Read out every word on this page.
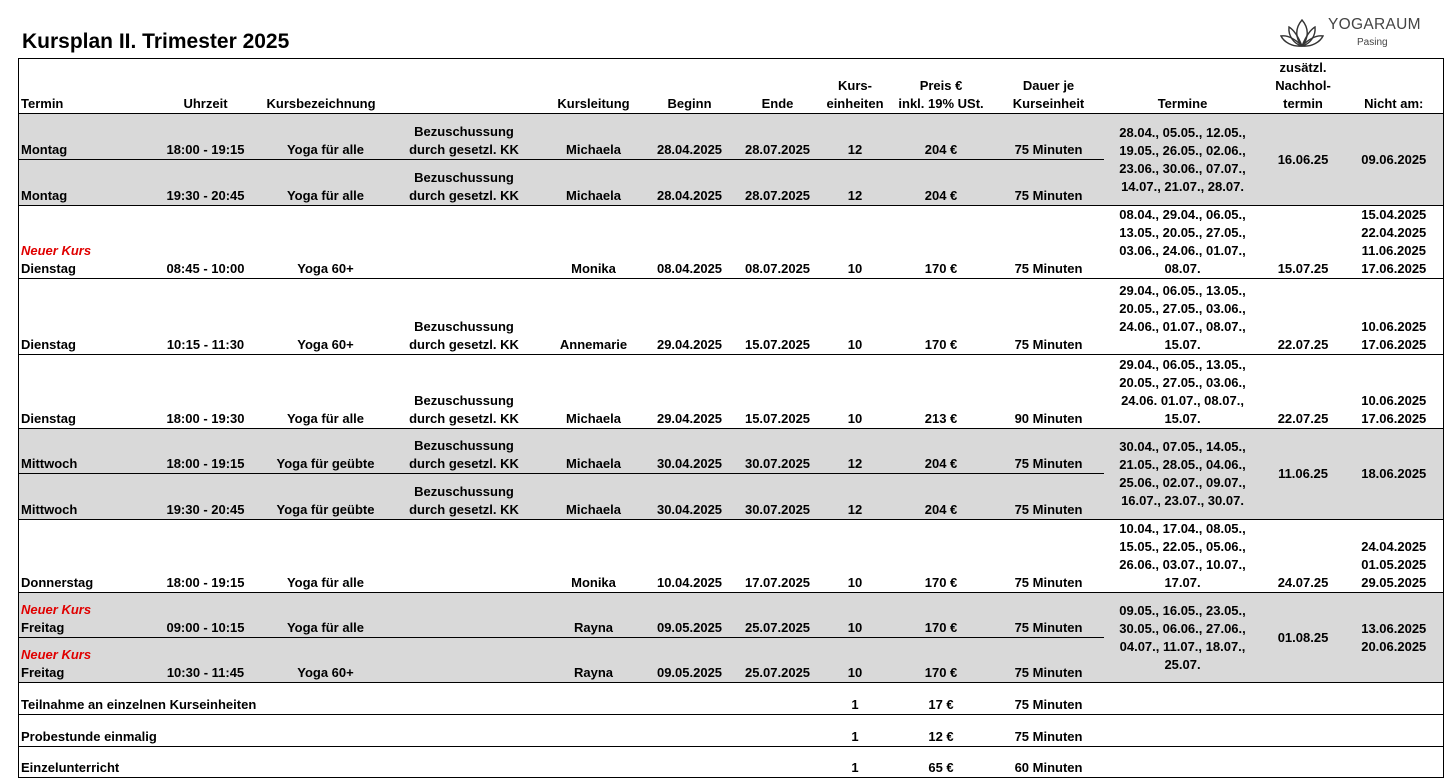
Kursplan II. Trimester 2025
YOGARAUM
Pasing
Termin	Uhrzeit	Kursbezeichnung		Kursleitung	Beginn	Ende	Kurs-
einheiten	Preis €
inkl. 19% USt.	Dauer je
Kurseinheit	Termine	zusätzl.
Nachhol-
termin	Nicht am:

Montag	18:00 - 19:15	Yoga für alle	Bezuschussung
durch gesetzl. KK	Michaela	28.04.2025	28.07.2025	12	204 €	75 Minuten	28.04., 05.05., 12.05.,
19.05., 26.05., 02.06.,
23.06., 30.06., 07.07.,
14.07., 21.07., 28.07.	16.06.25	09.06.2025

Montag	19:30 - 20:45	Yoga für alle	Bezuschussung
durch gesetzl. KK	Michaela	28.04.2025	28.07.2025	12	204 €	75 Minuten			

Neuer Kurs
Dienstag	08:45 - 10:00	Yoga 60+		Monika	08.04.2025	08.07.2025	10	170 €	75 Minuten	08.04., 29.04., 06.05.,
13.05., 20.05., 27.05.,
03.06., 24.06., 01.07.,
08.07.	15.07.25	15.04.2025
22.04.2025
11.06.2025
17.06.2025

Dienstag	10:15 - 11:30	Yoga 60+	Bezuschussung
durch gesetzl. KK	Annemarie	29.04.2025	15.07.2025	10	170 €	75 Minuten	29.04., 06.05., 13.05.,
20.05., 27.05., 03.06.,
24.06., 01.07., 08.07.,
15.07.	22.07.25	10.06.2025
17.06.2025

Dienstag	18:00 - 19:30	Yoga für alle	Bezuschussung
durch gesetzl. KK	Michaela	29.04.2025	15.07.2025	10	213 €	90 Minuten	29.04., 06.05., 13.05.,
20.05., 27.05., 03.06.,
24.06. 01.07., 08.07.,
15.07.	22.07.25	10.06.2025
17.06.2025

Mittwoch	18:00 - 19:15	Yoga für geübte	Bezuschussung
durch gesetzl. KK	Michaela	30.04.2025	30.07.2025	12	204 €	75 Minuten	30.04., 07.05., 14.05.,
21.05., 28.05., 04.06.,
25.06., 02.07., 09.07.,
16.07., 23.07., 30.07.	11.06.25	18.06.2025

Mittwoch	19:30 - 20:45	Yoga für geübte	Bezuschussung
durch gesetzl. KK	Michaela	30.04.2025	30.07.2025	12	204 €	75 Minuten			

Donnerstag	18:00 - 19:15	Yoga für alle		Monika	10.04.2025	17.07.2025	10	170 €	75 Minuten	10.04., 17.04., 08.05.,
15.05., 22.05., 05.06.,
26.06., 03.07., 10.07.,
17.07.	24.07.25	24.04.2025
01.05.2025
29.05.2025

Neuer Kurs
Freitag	09:00 - 10:15	Yoga für alle		Rayna	09.05.2025	25.07.2025	10	170 €	75 Minuten	09.05., 16.05., 23.05.,
30.05., 06.06., 27.06.,
04.07., 11.07., 18.07.,
25.07.	01.08.25	13.06.2025
20.06.2025

Neuer Kurs
Freitag	10:30 - 11:45	Yoga 60+		Rayna	09.05.2025	25.07.2025	10	170 €	75 Minuten			
Teilnahme an einzelnen Kurseinheiten							1	17 €	75 Minuten			
Probestunde einmalig							1	12 €	75 Minuten			
Einzelunterricht							1	65 €	60 Minuten			
